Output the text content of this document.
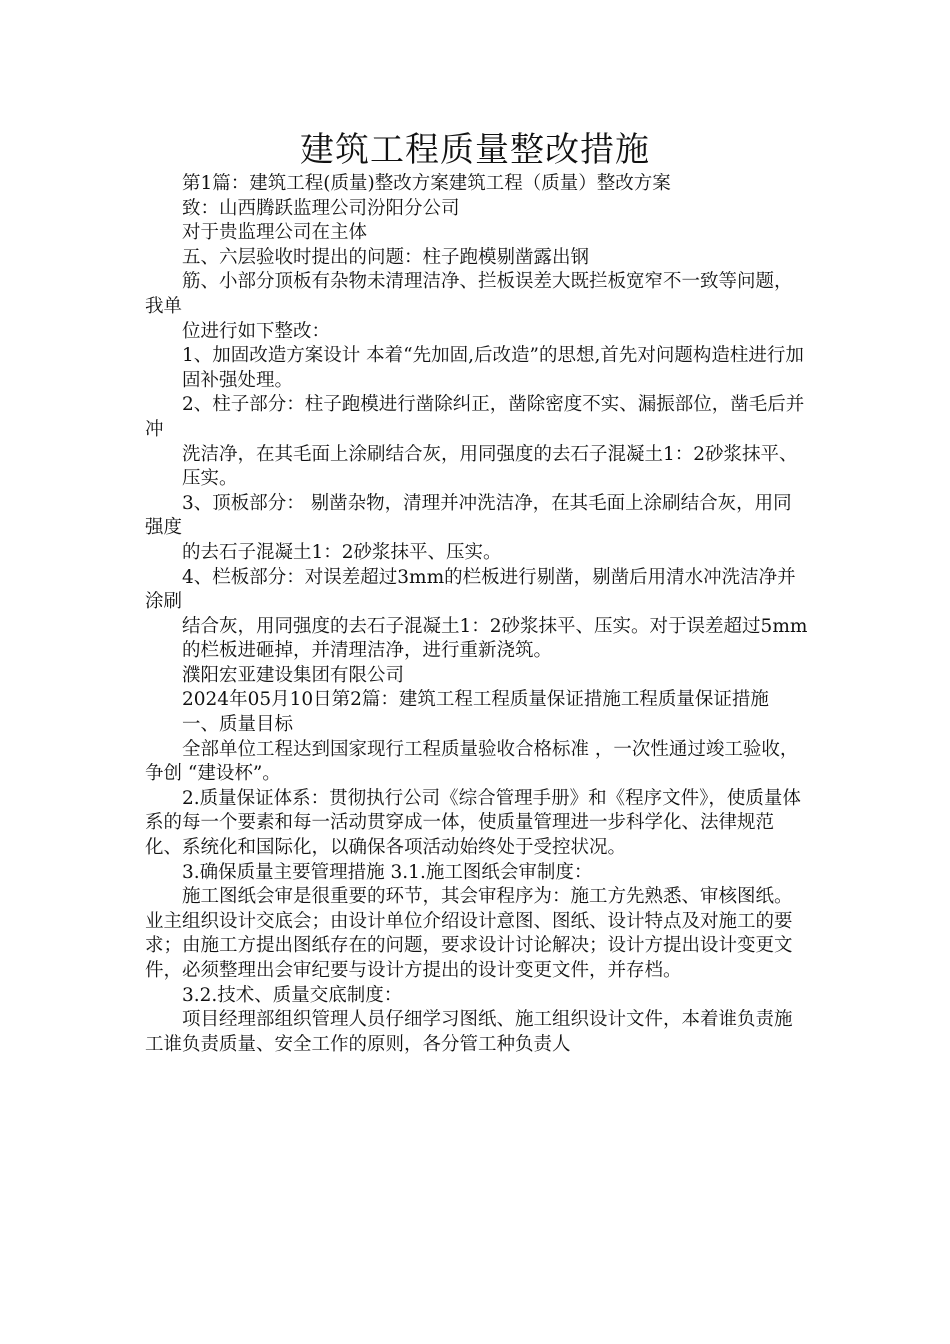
建筑工程质量整改措施

第1篇：建筑工程(质量)整改方案建筑工程（质量）整改方案

致：山西腾跃监理公司汾阳分公司

对于贵监理公司在主体

五、六层验收时提出的问题：柱子跑模剔凿露出钢

筋、小部分顶板有杂物未清理洁净、拦板误差大既拦板宽窄不一致等问题，我单

位进行如下整改：

1、加固改造方案设计 本着“先加固,后改造”的思想,首先对问题构造柱进行加

固补强处理。

2、柱子部分：柱子跑模进行凿除纠正，凿除密度不实、漏振部位，凿毛后并冲

洗洁净，在其毛面上涂刷结合灰，用同强度的去石子混凝土1：2砂浆抹平、

压实。

3、顶板部分： 剔凿杂物，清理并冲洗洁净，在其毛面上涂刷结合灰，用同强度

的去石子混凝土1：2砂浆抹平、压实。

4、栏板部分：对误差超过3mm的栏板进行剔凿，剔凿后用清水冲洗洁净并涂刷

结合灰，用同强度的去石子混凝土1：2砂浆抹平、压实。对于误差超过5mm

的栏板进砸掉，并清理洁净，进行重新浇筑。

濮阳宏亚建设集团有限公司

2024年05月10日第2篇：建筑工程工程质量保证措施工程质量保证措施

一、质量目标

全部单位工程达到国家现行工程质量验收合格标准 ，一次性通过竣工验收，争创 “建设杯”。

2.质量保证体系：贯彻执行公司《综合管理手册》和《程序文件》，使质量体系的每一个要素和每一活动贯穿成一体，使质量管理进一步科学化、法律规范化、系统化和国际化，以确保各项活动始终处于受控状况。

3.确保质量主要管理措施 3.1.施工图纸会审制度：

施工图纸会审是很重要的环节，其会审程序为：施工方先熟悉、审核图纸。业主组织设计交底会；由设计单位介绍设计意图、图纸、设计特点及对施工的要求；由施工方提出图纸存在的问题，要求设计讨论解决；设计方提出设计变更文件，必须整理出会审纪要与设计方提出的设计变更文件，并存档。

3.2.技术、质量交底制度：

项目经理部组织管理人员仔细学习图纸、施工组织设计文件，本着谁负责施工谁负责质量、安全工作的原则，各分管工种负责人
